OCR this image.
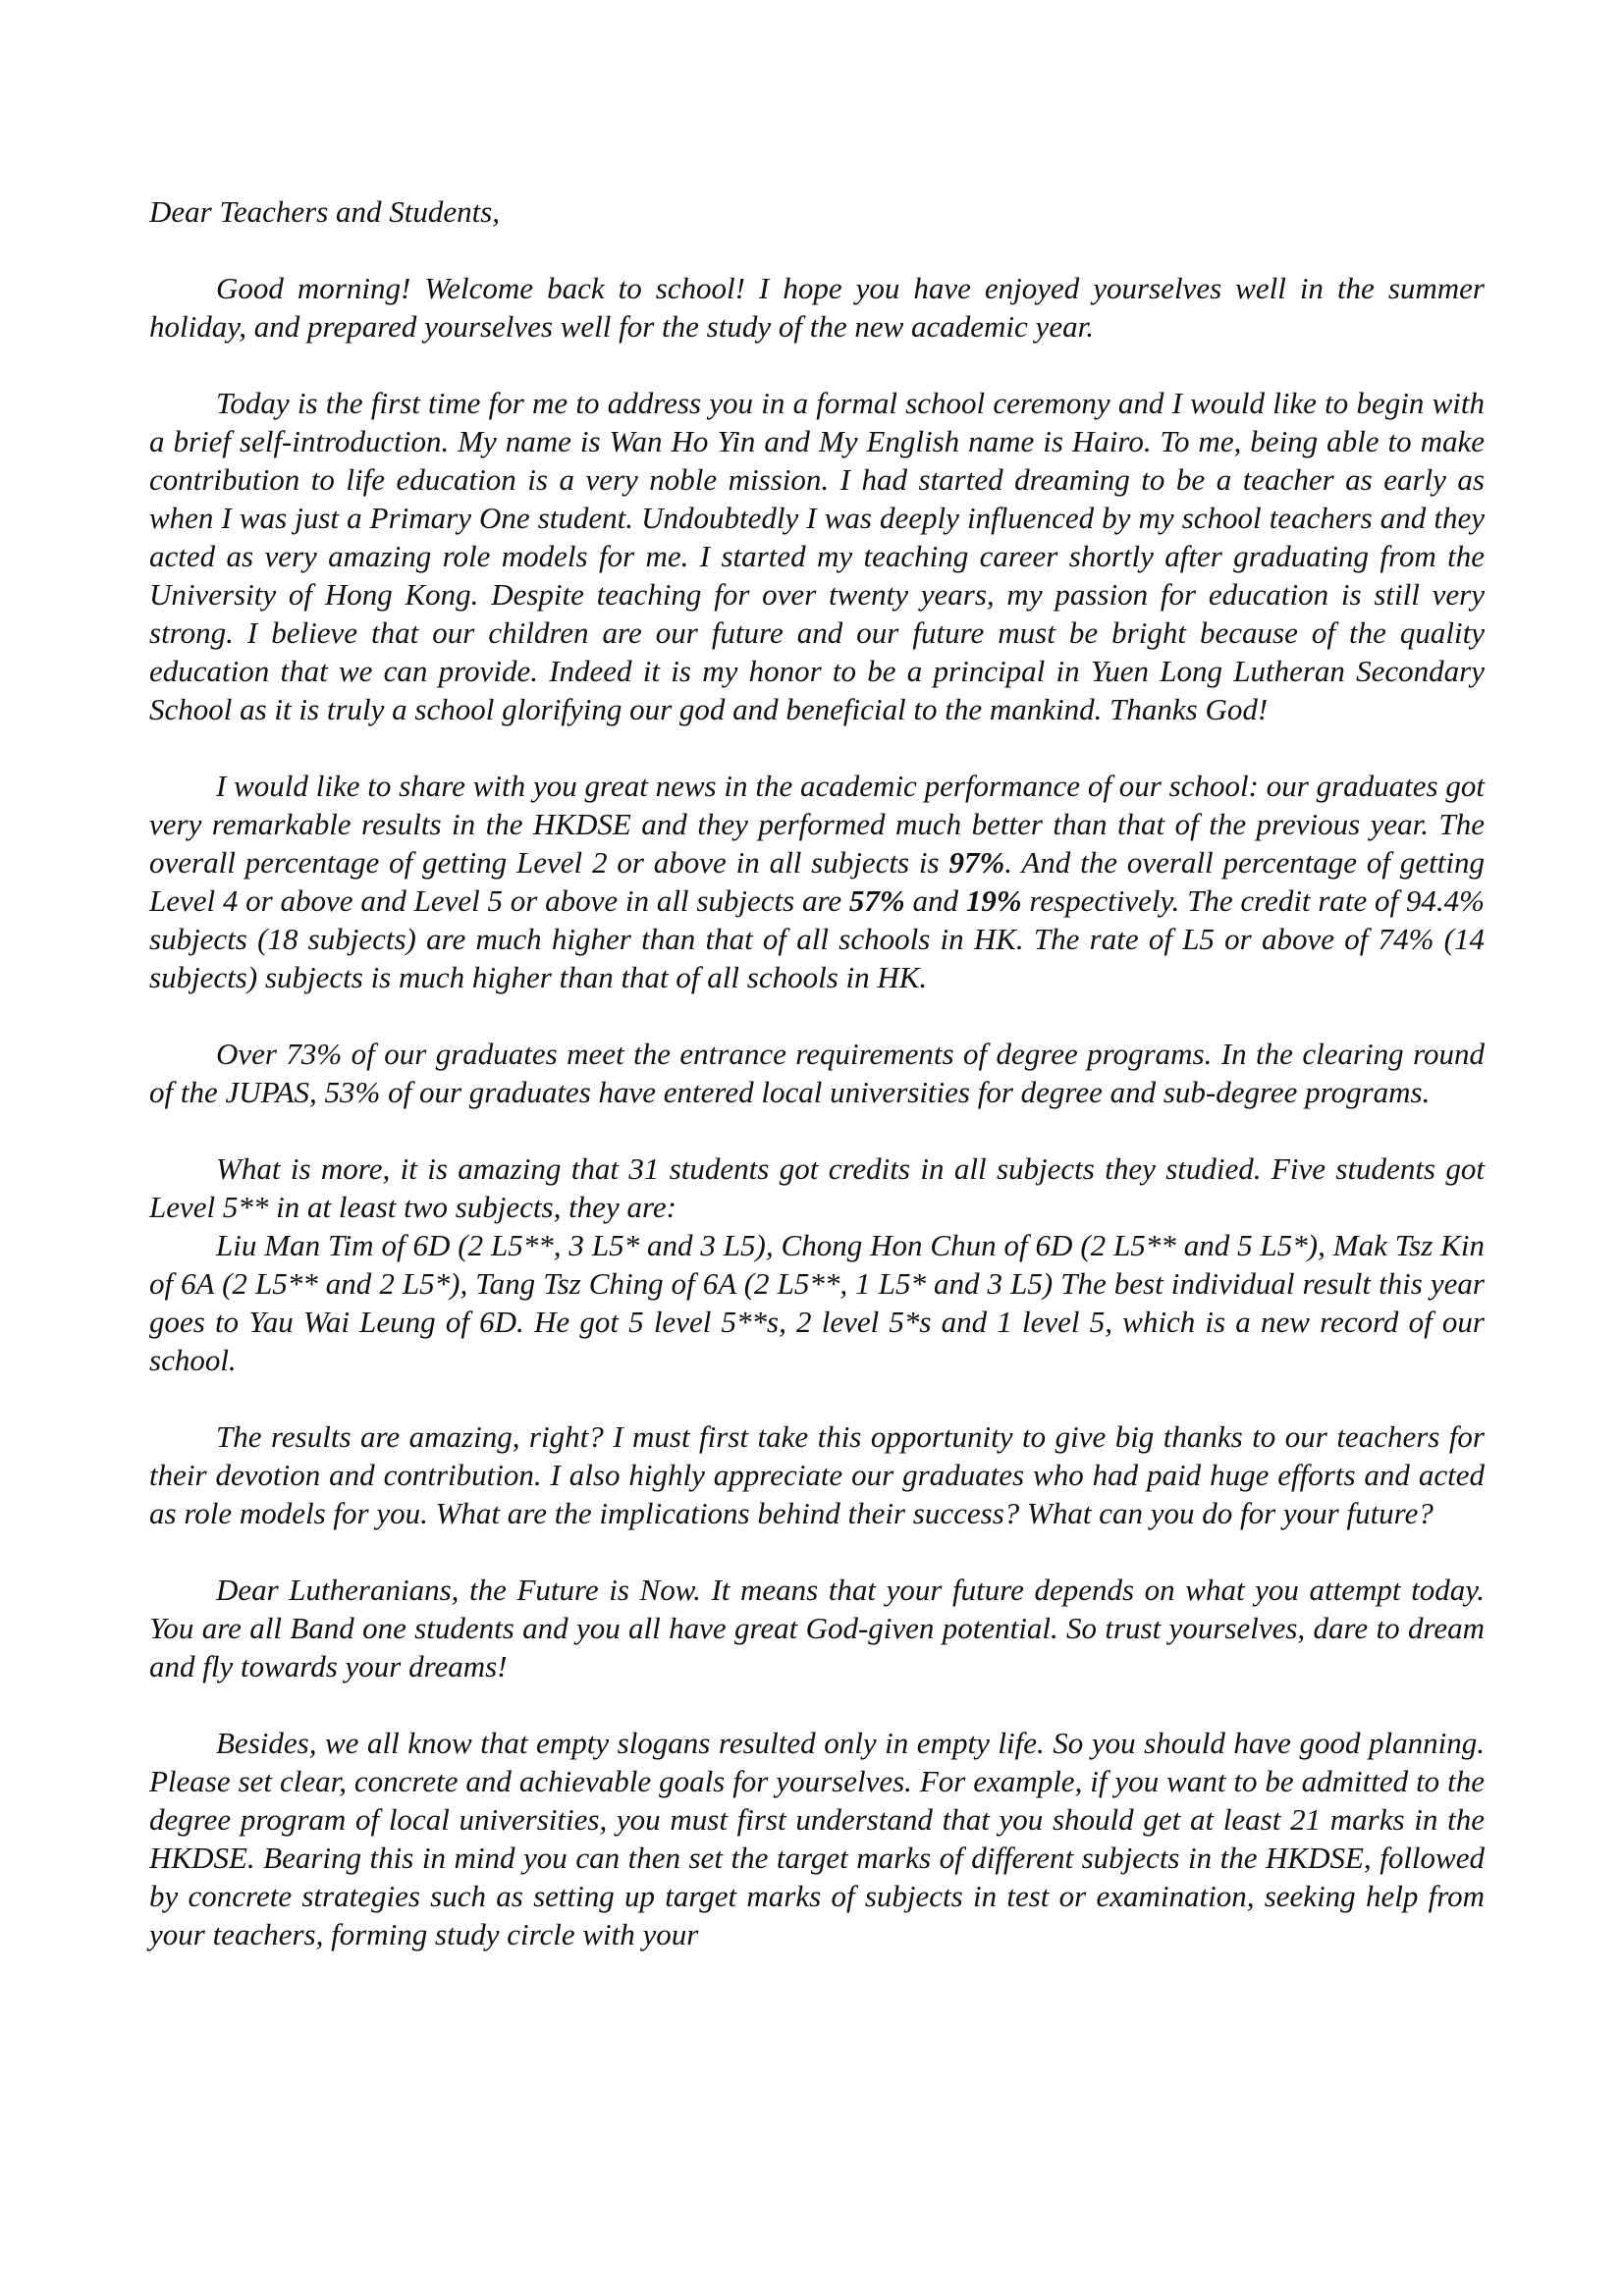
Dear Teachers and Students,

Good morning! Welcome back to school! I hope you have enjoyed yourselves well in the summer holiday, and prepared yourselves well for the study of the new academic year.

Today is the first time for me to address you in a formal school ceremony and I would like to begin with a brief self-introduction. My name is Wan Ho Yin and My English name is Hairo. To me, being able to make contribution to life education is a very noble mission. I had started dreaming to be a teacher as early as when I was just a Primary One student. Undoubtedly I was deeply influenced by my school teachers and they acted as very amazing role models for me. I started my teaching career shortly after graduating from the University of Hong Kong. Despite teaching for over twenty years, my passion for education is still very strong. I believe that our children are our future and our future must be bright because of the quality education that we can provide. Indeed it is my honor to be a principal in Yuen Long Lutheran Secondary School as it is truly a school glorifying our god and beneficial to the mankind. Thanks God!

I would like to share with you great news in the academic performance of our school: our graduates got very remarkable results in the HKDSE and they performed much better than that of the previous year. The overall percentage of getting Level 2 or above in all subjects is 97%. And the overall percentage of getting Level 4 or above and Level 5 or above in all subjects are 57% and 19% respectively. The credit rate of 94.4% subjects (18 subjects) are much higher than that of all schools in HK. The rate of L5 or above of 74% (14 subjects) subjects is much higher than that of all schools in HK.

Over 73% of our graduates meet the entrance requirements of degree programs. In the clearing round of the JUPAS, 53% of our graduates have entered local universities for degree and sub-degree programs.

What is more, it is amazing that 31 students got credits in all subjects they studied. Five students got Level 5** in at least two subjects, they are:

Liu Man Tim of 6D (2 L5**, 3 L5* and 3 L5), Chong Hon Chun of 6D (2 L5** and 5 L5*), Mak Tsz Kin of 6A (2 L5** and 2 L5*), Tang Tsz Ching of 6A (2 L5**, 1 L5* and 3 L5) The best individual result this year goes to Yau Wai Leung of 6D. He got 5 level 5**s, 2 level 5*s and 1 level 5, which is a new record of our school.

The results are amazing, right? I must first take this opportunity to give big thanks to our teachers for their devotion and contribution. I also highly appreciate our graduates who had paid huge efforts and acted as role models for you. What are the implications behind their success? What can you do for your future?

Dear Lutheranians, the Future is Now. It means that your future depends on what you attempt today. You are all Band one students and you all have great God-given potential. So trust yourselves, dare to dream and fly towards your dreams!

Besides, we all know that empty slogans resulted only in empty life. So you should have good planning. Please set clear, concrete and achievable goals for yourselves. For example, if you want to be admitted to the degree program of local universities, you must first understand that you should get at least 21 marks in the HKDSE. Bearing this in mind you can then set the target marks of different subjects in the HKDSE, followed by concrete strategies such as setting up target marks of subjects in test or examination, seeking help from your teachers, forming study circle with your
